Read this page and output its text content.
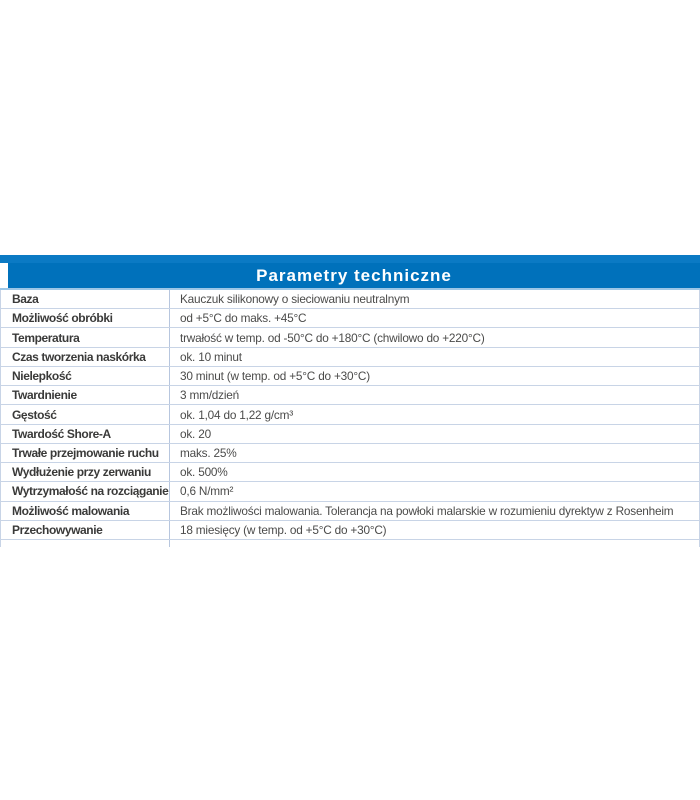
Parametry techniczne
Baza	Kauczuk silikonowy o sieciowaniu neutralnym
Możliwość obróbki	od +5°C do maks. +45°C
Temperatura	trwałość w temp. od -50°C do +180°C (chwilowo do +220°C)
Czas tworzenia naskórka	ok. 10 minut
Nielepkość	30 minut (w temp. od +5°C do +30°C)
Twardnienie	3 mm/dzień
Gęstość	ok. 1,04 do 1,22 g/cm³
Twardość Shore-A	ok. 20
Trwałe przejmowanie ruchu	maks. 25%
Wydłużenie przy zerwaniu	ok. 500%
Wytrzymałość na rozciąganie 0,6 N/mm²
Możliwość malowania	Brak możliwości malowania. Tolerancja na powłoki malarskie w rozumieniu dyrektyw z Rosenheim
Przechowywanie	18 miesięcy (w temp. od +5°C do +30°C)
